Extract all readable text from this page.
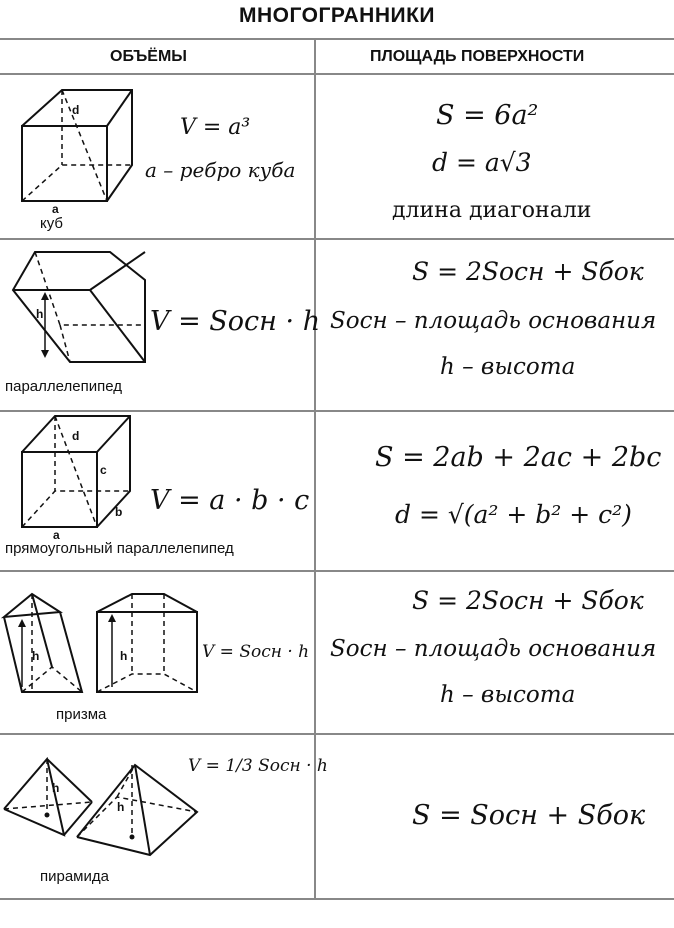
МНОГОГРАННИКИ
ОБЪЁМЫ	ПЛОЩАДЬ ПОВЕРХНОСТИ
d
a
куб
V = a³
a – ребро куба
S = 6a²
d = a√3
длина диагонали
h
параллелепипед
V = Sосн · h
S = 2Sосн + Sбок
Sосн – площадь основания
h – высота
d
c
b
a
прямоугольный параллелепипед
V = a · b · c
S = 2ab + 2ac + 2bc
d = √(a² + b² + c²)
h	h
призма
V = Sосн · h
S = 2Sосн + Sбок
Sосн – площадь основания
h – высота
h
h
пирамида
V = 1/3 Sосн · h
S = Sосн + Sбок
